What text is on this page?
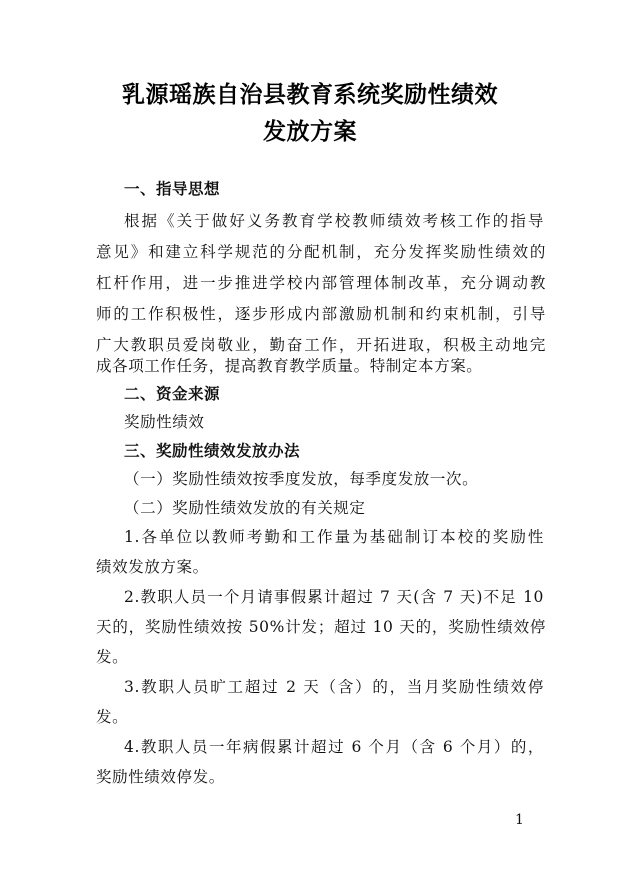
乳源瑶族自治县教育系统奖励性绩效
发放方案
一、指导思想
根据《关于做好义务教育学校教师绩效考核工作的指导
意见》和建立科学规范的分配机制，充分发挥奖励性绩效的
杠杆作用，进一步推进学校内部管理体制改革，充分调动教
师的工作积极性，逐步形成内部激励机制和约束机制，引导
广大教职员爱岗敬业，勤奋工作，开拓进取，积极主动地完
成各项工作任务，提高教育教学质量。特制定本方案。
二、资金来源
奖励性绩效
三、奖励性绩效发放办法
（一）奖励性绩效按季度发放，每季度发放一次。
（二）奖励性绩效发放的有关规定
1.各单位以教师考勤和工作量为基础制订本校的奖励性
绩效发放方案。
2.教职人员一个月请事假累计超过 7 天(含 7 天)不足 10
天的，奖励性绩效按 50%计发；超过 10 天的，奖励性绩效停
发。
3.教职人员旷工超过 2 天（含）的，当月奖励性绩效停
发。
4.教职人员一年病假累计超过 6 个月（含 6 个月）的，
奖励性绩效停发。
1
